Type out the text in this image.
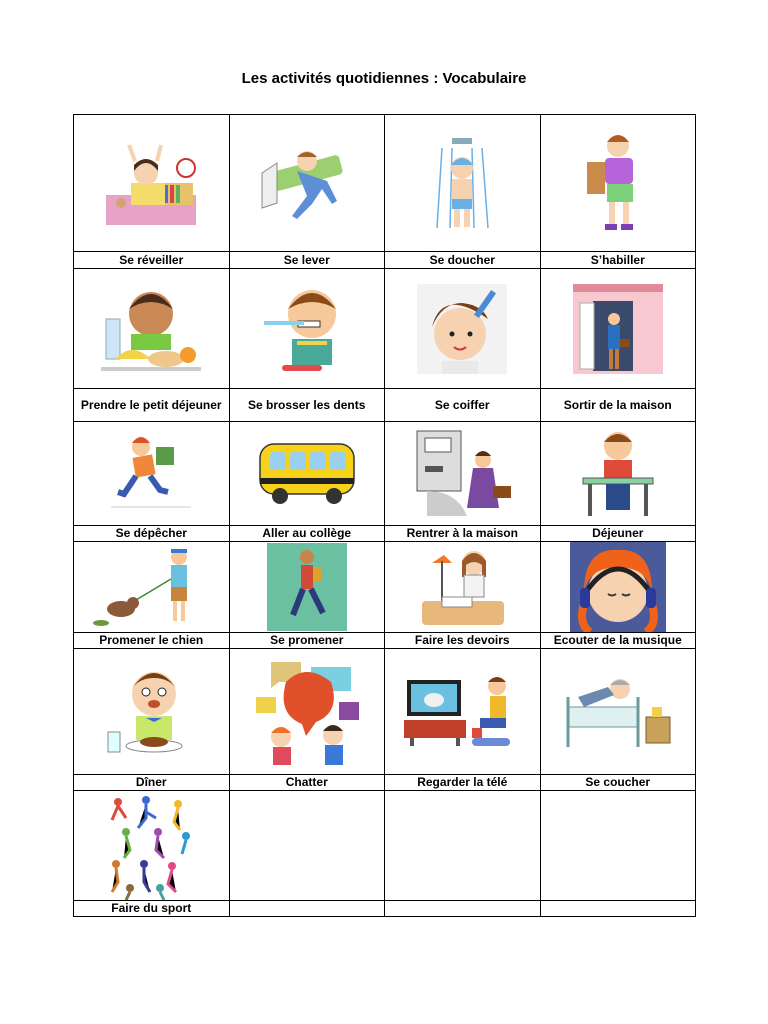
Les activités quotidiennes : Vocabulaire

Se réveiller	Se lever	Se doucher	S’habiller

Prendre le petit déjeuner	Se brosser les dents	Se coiffer	Sortir de la maison

Se dépêcher	Aller au collège	Rentrer à la maison	Déjeuner

Promener le chien	Se promener	Faire les devoirs	Ecouter de la musique

Dîner	Chatter	Regarder la télé	Se coucher

Faire du sport			
